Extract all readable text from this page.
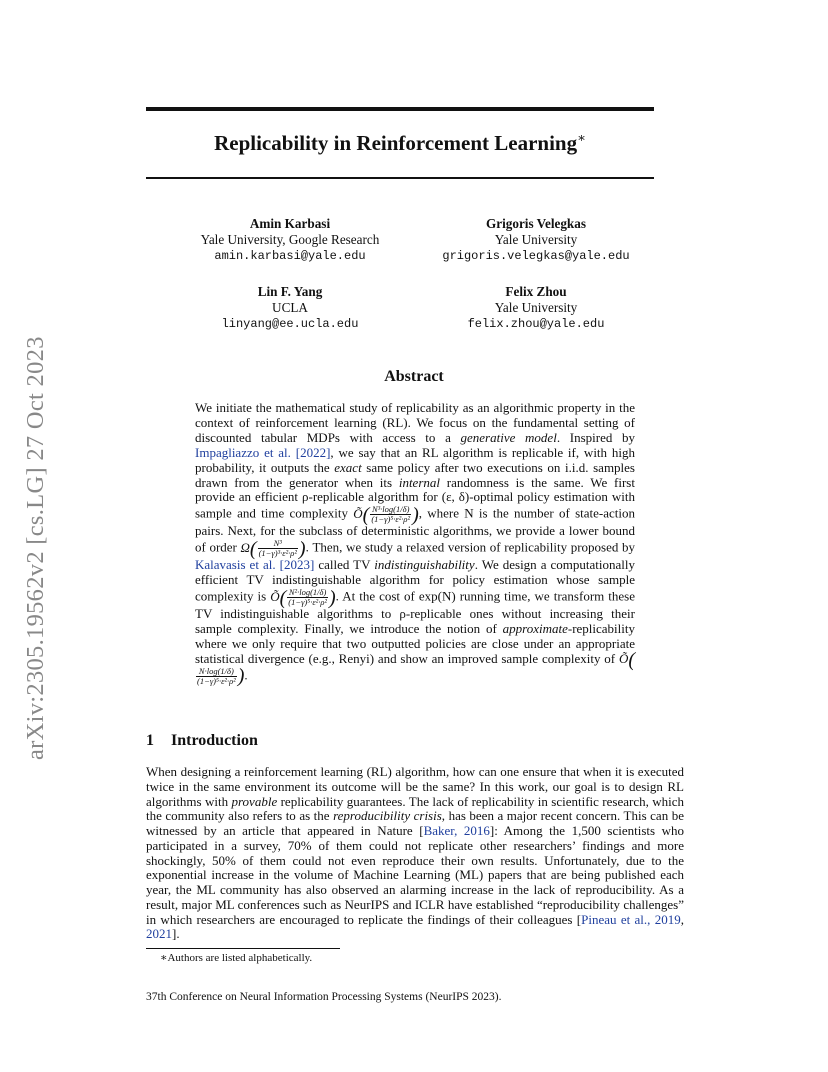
arXiv:2305.19562v2 [cs.LG] 27 Oct 2023
Replicability in Reinforcement Learning∗
Amin Karbasi
Yale University, Google Research
amin.karbasi@yale.edu
Grigoris Velegkas
Yale University
grigoris.velegkas@yale.edu
Lin F. Yang
UCLA
linyang@ee.ucla.edu
Felix Zhou
Yale University
felix.zhou@yale.edu
Abstract

We initiate the mathematical study of replicability as an algorithmic property in the context of reinforcement learning (RL). We focus on the fundamental setting of discounted tabular MDPs with access to a generative model. Inspired by Impagliazzo et al. [2022], we say that an RL algorithm is replicable if, with high probability, it outputs the exact same policy after two executions on i.i.d. samples drawn from the generator when its internal randomness is the same. We first provide an efficient ρ-replicable algorithm for (ε, δ)-optimal policy estimation with sample and time complexity Õ( $\frac{\text{N³·log(1/δ)}}{\text{(1−γ)⁵·ε²·ρ²}}$ ), where N is the number of state-action pairs. Next, for the subclass of deterministic algorithms, we provide a lower bound of order $\Omega( \frac{\text{N³}}{\text{(1−γ)³·ε²·ρ²}}$ ). Then, we study a relaxed version of replicability proposed by Kalavasis et al. [2023] called TV indistinguishability. We design a computationally efficient TV indistinguishable algorithm for policy estimation whose sample complexity is Õ( $\frac{\text{N²·log(1/δ)}}{\text{(1−γ)⁵·ε²·ρ²}}$ ). At the cost of exp(N) running time, we transform these TV indistinguishable algorithms to ρ-replicable ones without increasing their sample complexity. Finally, we introduce the notion of approximate-replicability where we only require that two outputted policies are close under an appropriate statistical divergence (e.g., Renyi) and show an improved sample complexity of Õ(
$\frac{N\cdot\log(1/\delta)}{\text{(1−γ)⁵·ε²·ρ²}}$ ).

1 Introduction

When designing a reinforcement learning (RL) algorithm, how can one ensure that when it is executed twice in the same environment its outcome will be the same? In this work, our goal is to design RL algorithms with provable replicability guarantees. The lack of replicability in scientific research, which the community also refers to as the reproducibility crisis, has been a major recent concern. This can be witnessed by an article that appeared in Nature [Baker, 2016]: Among the 1,500 scientists who participated in a survey, 70% of them could not replicate other researchers’ findings and more shockingly, 50% of them could not even reproduce their own results. Unfortunately, due to the exponential increase in the volume of Machine Learning (ML) papers that are being published each year, the ML community has also observed an alarming increase in the lack of reproducibility. As a result, major ML conferences such as NeurIPS and ICLR have established “reproducibility challenges” in which researchers are encouraged to replicate the findings of their colleagues [Pineau et al., 2019, 2021].

∗Authors are listed alphabetically.

37th Conference on Neural Information Processing Systems (NeurIPS 2023).
